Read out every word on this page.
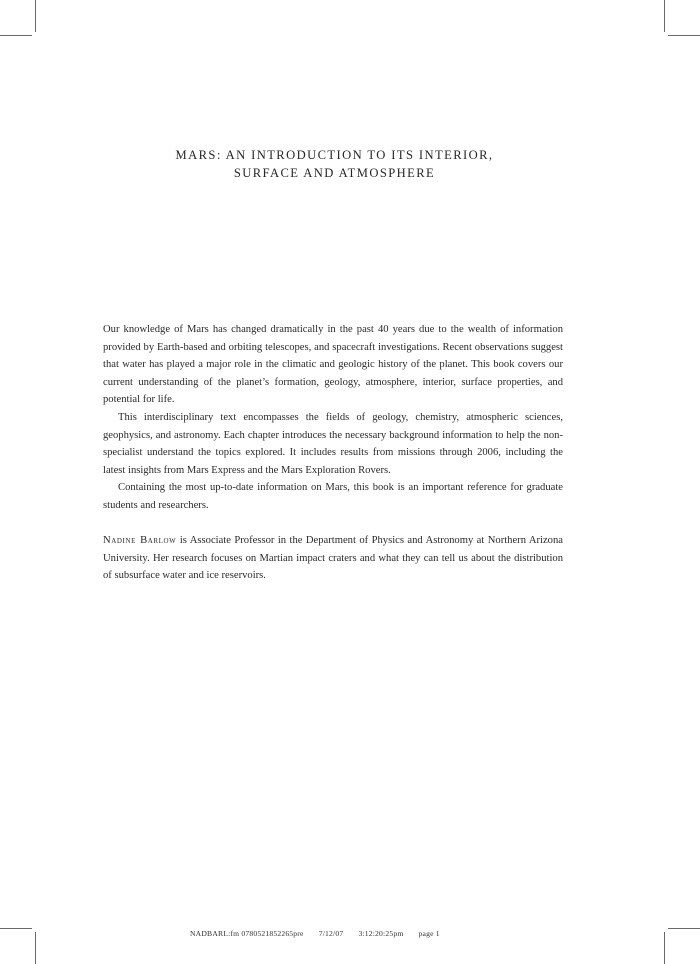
MARS: AN INTRODUCTION TO ITS INTERIOR,
SURFACE AND ATMOSPHERE

Our knowledge of Mars has changed dramatically in the past 40 years due to the wealth of information provided by Earth-based and orbiting telescopes, and spacecraft investigations. Recent observations suggest that water has played a major role in the climatic and geologic history of the planet. This book covers our current understanding of the planet’s formation, geology, atmosphere, interior, surface properties, and potential for life.

This interdisciplinary text encompasses the fields of geology, chemistry, atmospheric sciences, geophysics, and astronomy. Each chapter introduces the necessary background information to help the non-specialist understand the topics explored. It includes results from missions through 2006, including the latest insights from Mars Express and the Mars Exploration Rovers.

Containing the most up-to-date information on Mars, this book is an important reference for graduate students and researchers.

Nadine Barlow is Associate Professor in the Department of Physics and Astronomy at Northern Arizona University. Her research focuses on Martian impact craters and what they can tell us about the distribution of subsurface water and ice reservoirs.

NADBARL:fm 0780521852265pre 7/12/07 3:12:20:25pm page 1
